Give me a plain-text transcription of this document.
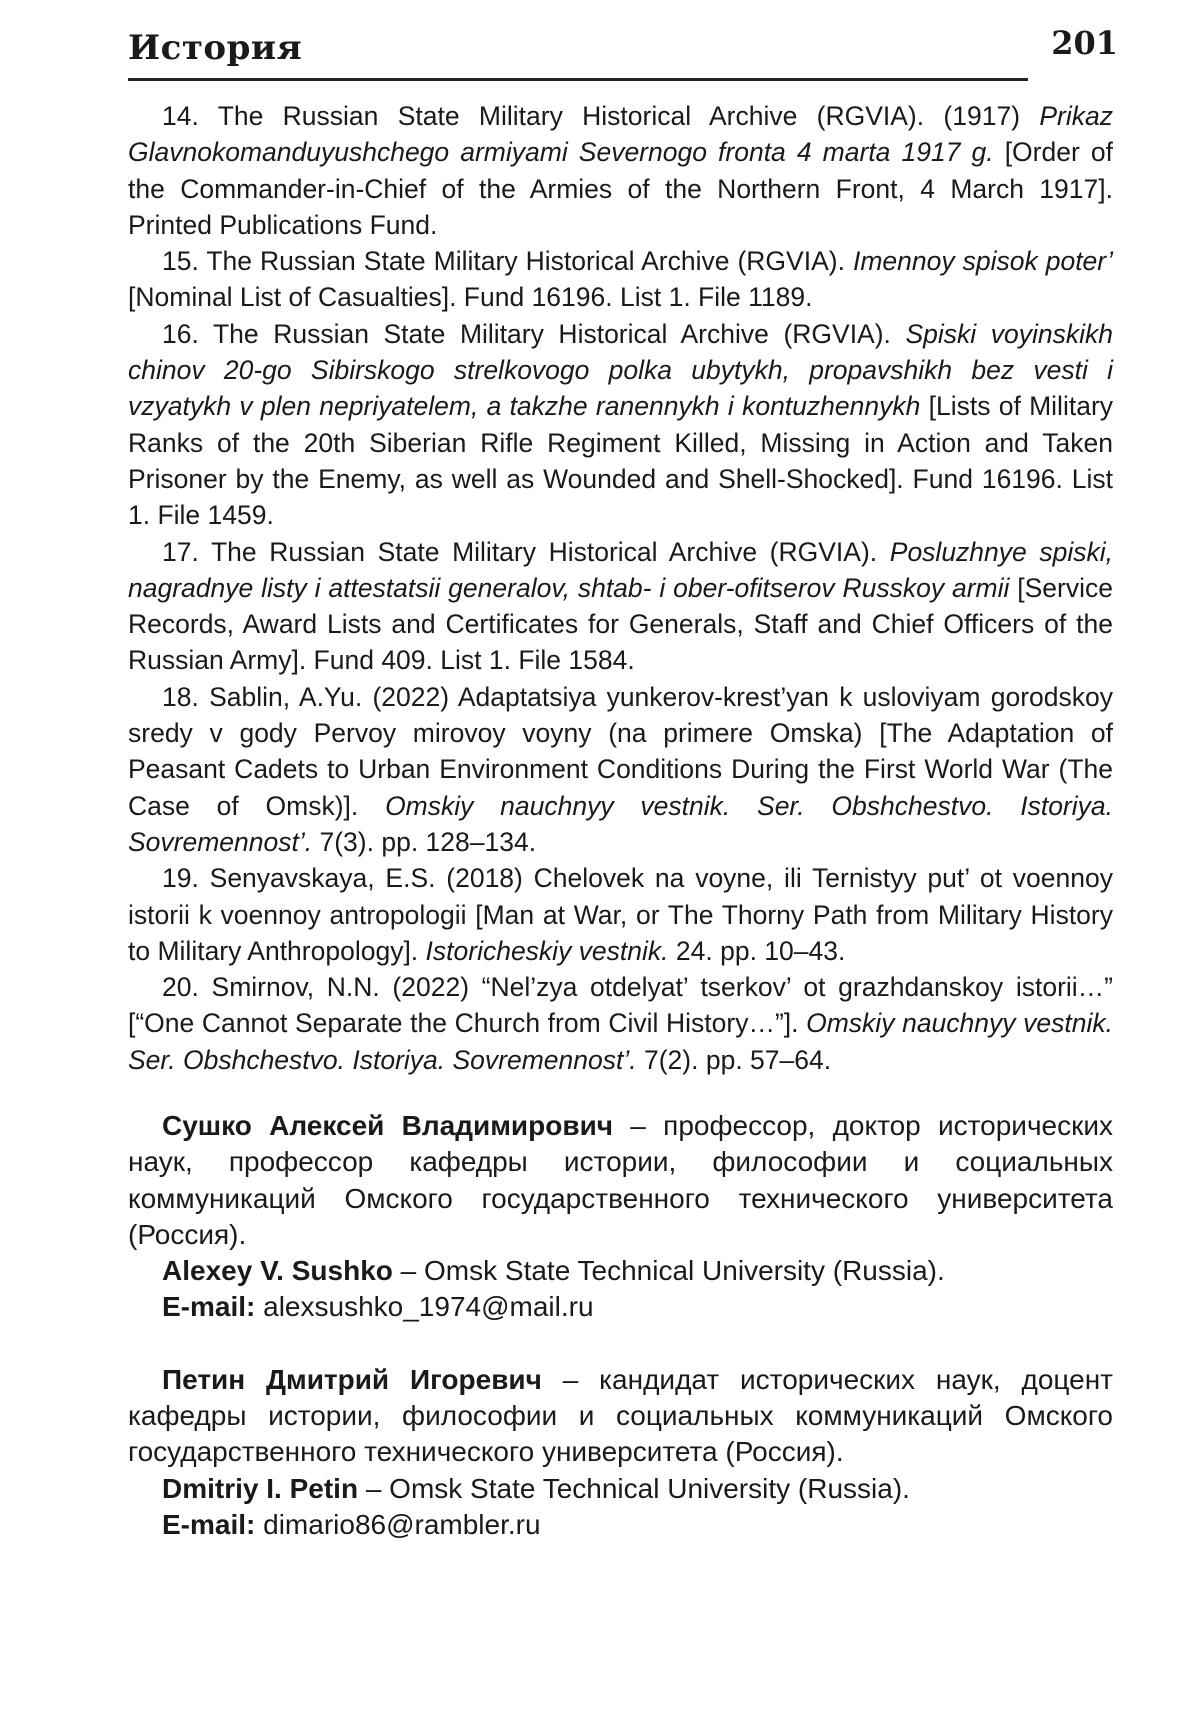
История	201

14. The Russian State Military Historical Archive (RGVIA). (1917) Prikaz Glavnokomanduyushchego armiyami Severnogo fronta 4 marta 1917 g. [Order of the Commander-in-Chief of the Armies of the Northern Front, 4 March 1917]. Printed Publications Fund.

15. The Russian State Military Historical Archive (RGVIA). Imennoy spisok poter’ [Nominal List of Casualties]. Fund 16196. List 1. File 1189.

16. The Russian State Military Historical Archive (RGVIA). Spiski voyinskikh chinov 20-go Sibirskogo strelkovogo polka ubytykh, propavshikh bez vesti i vzyatykh v plen nepriyatelem, a takzhe ranennykh i kontuzhennykh [Lists of Military Ranks of the 20th Siberian Rifle Regiment Killed, Missing in Action and Taken Prisoner by the Enemy, as well as Wounded and Shell-Shocked]. Fund 16196. List 1. File 1459.

17. The Russian State Military Historical Archive (RGVIA). Posluzhnye spiski, nagradnye listy i attestatsii generalov, shtab- i ober-ofitserov Russkoy armii [Service Records, Award Lists and Certificates for Generals, Staff and Chief Officers of the Russian Army]. Fund 409. List 1. File 1584.

18. Sablin, A.Yu. (2022) Adaptatsiya yunkerov-krest’yan k usloviyam gorodskoy sredy v gody Pervoy mirovoy voyny (na primere Omska) [The Adaptation of Peasant Cadets to Urban Environment Conditions During the First World War (The Case of Omsk)]. Omskiy nauchnyy vestnik. Ser. Obshchestvo. Istoriya. Sovremennost’. 7(3). pp. 128–134.

19. Senyavskaya, E.S. (2018) Chelovek na voyne, ili Ternistyy put’ ot voennoy istorii k voennoy antropologii [Man at War, or The Thorny Path from Military History to Military Anthropology]. Istoricheskiy vestnik. 24. pp. 10–43.

20. Smirnov, N.N. (2022) “Nel’zya otdelyat’ tserkov’ ot grazhdanskoy istorii…” [“One Cannot Separate the Church from Civil History…”]. Omskiy nauchnyy vestnik. Ser. Obshchestvo. Istoriya. Sovremennost’. 7(2). pp. 57–64.

Сушко Алексей Владимирович – профессор, доктор исторических наук, профессор кафедры истории, философии и социальных коммуникаций Омского государственного технического университета (Россия).

Alexey V. Sushko – Omsk State Technical University (Russia).

E-mail: alexsushko_1974@mail.ru

Петин Дмитрий Игоревич – кандидат исторических наук, доцент кафедры истории, философии и социальных коммуникаций Омского государственного технического университета (Россия).

Dmitriy I. Petin – Omsk State Technical University (Russia).

E-mail: dimario86@rambler.ru
